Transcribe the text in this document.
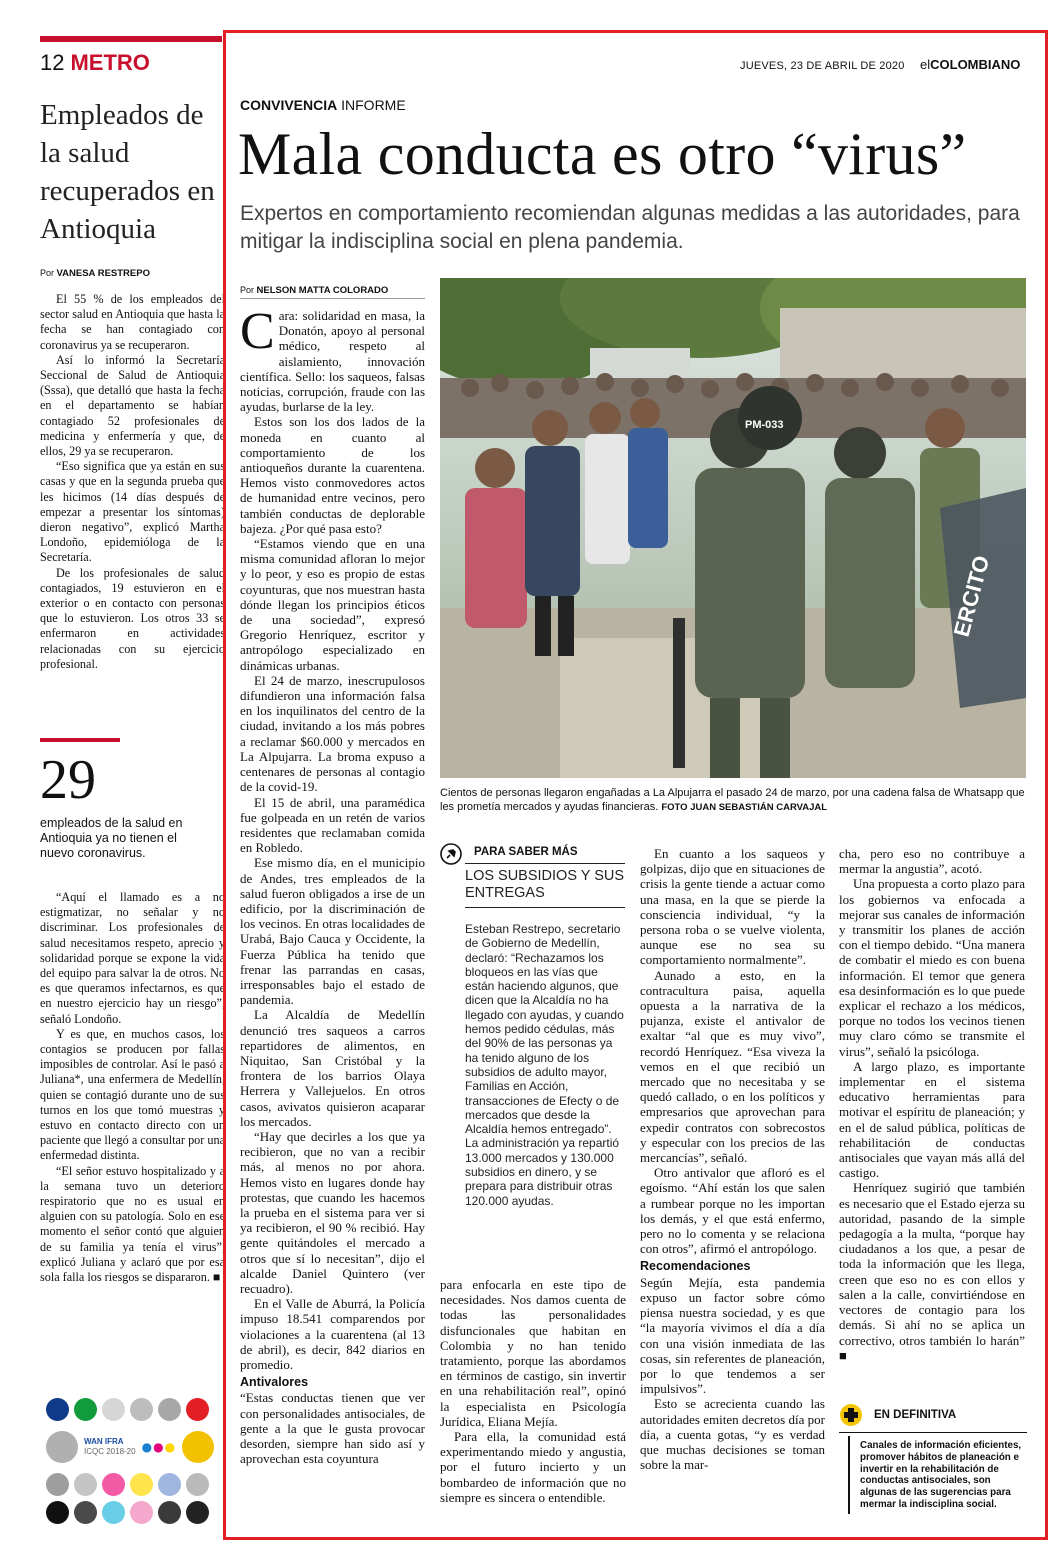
12 METRO
Empleados de la salud recuperados en Antioquia
Por VANESA RESTREPO

El 55 % de los empleados del sector salud en Antioquia que hasta la fecha se han contagiado con coronavirus ya se recuperaron.

Así lo informó la Secretaría Seccional de Salud de Antioquia (Sssa), que detalló que hasta la fecha en el departamento se habían contagiado 52 profesionales de medicina y enfermería y que, de ellos, 29 ya se recuperaron.

“Eso significa que ya están en sus casas y que en la segunda prueba que les hicimos (14 días después de empezar a presentar los síntomas) dieron negativo”, explicó Martha Londoño, epidemióloga de la Secretaría.

De los profesionales de salud contagiados, 19 estuvieron en el exterior o en contacto con personas que lo estuvieron. Los otros 33 se enfermaron en actividades relacionadas con su ejercicio profesional.

29
empleados de la salud en Antioquia ya no tienen el nuevo coronavirus.

“Aquí el llamado es a no estigmatizar, no señalar y no discriminar. Los profesionales de salud necesitamos respeto, aprecio y solidaridad porque se expone la vida del equipo para salvar la de otros. No es que queramos infectarnos, es que en nuestro ejercicio hay un riesgo”, señaló Londoño.

Y es que, en muchos casos, los contagios se producen por fallas imposibles de controlar. Así le pasó a Juliana*, una enfermera de Medellín, quien se contagió durante uno de sus turnos en los que tomó muestras y estuvo en contacto directo con un paciente que llegó a consultar por una enfermedad distinta.

“El señor estuvo hospitalizado y a la semana tuvo un deterioro respiratorio que no es usual en alguien con su patología. Solo en ese momento el señor contó que alguien de su familia ya tenía el virus”, explicó Juliana y aclaró que por esa sola falla los riesgos se dispararon. ■

WAN IFRA
ICQC 2018-20 ●●●
JUEVES, 23 DE ABRIL DE 2020 elCOLOMBIANO
CONVIVENCIA INFORME
Mala conducta es otro “virus”
Expertos en comportamiento recomiendan algunas medidas a las autoridades, para mitigar la indisciplina social en plena pandemia.
Por NELSON MATTA COLORADO
C ara: solidaridad en masa, la Donatón, apoyo al personal médico, respeto al aislamiento, innovación científica. Sello: los saqueos, falsas noticias, corrupción, fraude con las ayudas, burlarse de la ley.

Estos son los dos lados de la moneda en cuanto al comportamiento de los antioqueños durante la cuarentena. Hemos visto conmovedores actos de humanidad entre vecinos, pero también conductas de deplorable bajeza. ¿Por qué pasa esto?

“Estamos viendo que en una misma comunidad afloran lo mejor y lo peor, y eso es propio de estas coyunturas, que nos muestran hasta dónde llegan los principios éticos de una sociedad”, expresó Gregorio Henríquez, escritor y antropólogo especializado en dinámicas urbanas.

El 24 de marzo, inescrupulosos difundieron una información falsa en los inquilinatos del centro de la ciudad, invitando a los más pobres a reclamar $60.000 y mercados en La Alpujarra. La broma expuso a centenares de personas al contagio de la covid-19.

El 15 de abril, una paramédica fue golpeada en un retén de varios residentes que reclamaban comida en Robledo.

Ese mismo día, en el municipio de Andes, tres empleados de la salud fueron obligados a irse de un edificio, por la discriminación de los vecinos. En otras localidades de Urabá, Bajo Cauca y Occidente, la Fuerza Pública ha tenido que frenar las parrandas en casas, irresponsables bajo el estado de pandemia.

La Alcaldía de Medellín denunció tres saqueos a carros repartidores de alimentos, en Niquitao, San Cristóbal y la frontera de los barrios Olaya Herrera y Vallejuelos. En otros casos, avivatos quisieron acaparar los mercados.

“Hay que decirles a los que ya recibieron, que no van a recibir más, al menos no por ahora. Hemos visto en lugares donde hay protestas, que cuando les hacemos la prueba en el sistema para ver si ya recibieron, el 90 % recibió. Hay gente quitándoles el mercado a otros que sí lo necesitan”, dijo el alcalde Daniel Quintero (ver recuadro).

En el Valle de Aburrá, la Policía impuso 18.541 comparendos por violaciones a la cuarentena (al 13 de abril), es decir, 842 diarios en promedio.

Antivalores

“Estas conductas tienen que ver con personalidades antisociales, de gente a la que le gusta provocar desorden, siempre han sido así y aprovechan esta coyuntura

PM-033
ERCITO
Cientos de personas llegaron engañadas a La Alpujarra el pasado 24 de marzo, por una cadena falsa de Whatsapp que les prometía mercados y ayudas financieras. FOTO JUAN SEBASTIÁN CARVAJAL
PARA SABER MÁS
LOS SUBSIDIOS Y SUS ENTREGAS
Esteban Restrepo, secretario de Gobierno de Medellín, declaró: “Rechazamos los bloqueos en las vías que están haciendo algunos, que dicen que la Alcaldía no ha llegado con ayudas, y cuando hemos pedido cédulas, más del 90% de las personas ya ha tenido alguno de los subsidios de adulto mayor, Familias en Acción, transacciones de Efecty o de mercados que desde la Alcaldía hemos entregado”. La administración ya repartió 13.000 mercados y 130.000 subsidios en dinero, y se prepara para distribuir otras 120.000 ayudas.

para enfocarla en este tipo de necesidades. Nos damos cuenta de todas las personalidades disfuncionales que habitan en Colombia y no han tenido tratamiento, porque las abordamos en términos de castigo, sin invertir en una rehabilitación real”, opinó la especialista en Psicología Jurídica, Eliana Mejía.

Para ella, la comunidad está experimentando miedo y angustia, por el futuro incierto y un bombardeo de información que no siempre es sincera o entendible.

En cuanto a los saqueos y golpizas, dijo que en situaciones de crisis la gente tiende a actuar como una masa, en la que se pierde la consciencia individual, “y la persona roba o se vuelve violenta, aunque ese no sea su comportamiento normalmente”.

Aunado a esto, en la contracultura paisa, aquella opuesta a la narrativa de la pujanza, existe el antivalor de exaltar “al que es muy vivo”, recordó Henríquez. “Esa viveza la vemos en el que recibió un mercado que no necesitaba y se quedó callado, o en los políticos y empresarios que aprovechan para expedir contratos con sobrecostos y especular con los precios de las mercancías”, señaló.

Otro antivalor que afloró es el egoísmo. “Ahí están los que salen a rumbear porque no les importan los demás, y el que está enfermo, pero no lo comenta y se relaciona con otros”, afirmó el antropólogo.

Recomendaciones

Según Mejía, esta pandemia expuso un factor sobre cómo piensa nuestra sociedad, y es que “la mayoría vivimos el día a día con una visión inmediata de las cosas, sin referentes de planeación, por lo que tendemos a ser impulsivos”.

Esto se acrecienta cuando las autoridades emiten decretos día por día, a cuenta gotas, “y es verdad que muchas decisiones se toman sobre la mar-

cha, pero eso no contribuye a mermar la angustia”, acotó.

Una propuesta a corto plazo para los gobiernos va enfocada a mejorar sus canales de información y transmitir los planes de acción con el tiempo debido. “Una manera de combatir el miedo es con buena información. El temor que genera esa desinformación es lo que puede explicar el rechazo a los médicos, porque no todos los vecinos tienen muy claro cómo se transmite el virus”, señaló la psicóloga.

A largo plazo, es importante implementar en el sistema educativo herramientas para motivar el espíritu de planeación; y en el de salud pública, políticas de rehabilitación de conductas antisociales que vayan más allá del castigo.

Henríquez sugirió que también es necesario que el Estado ejerza su autoridad, pasando de la simple pedagogía a la multa, “porque hay ciudadanos a los que, a pesar de toda la información que les llega, creen que eso no es con ellos y salen a la calle, convirtiéndose en vectores de contagio para los demás. Si ahí no se aplica un correctivo, otros también lo harán” ■

EN DEFINITIVA
Canales de información eficientes, promover hábitos de planeación e invertir en la rehabilitación de conductas antisociales, son algunas de las sugerencias para mermar la indisciplina social.
